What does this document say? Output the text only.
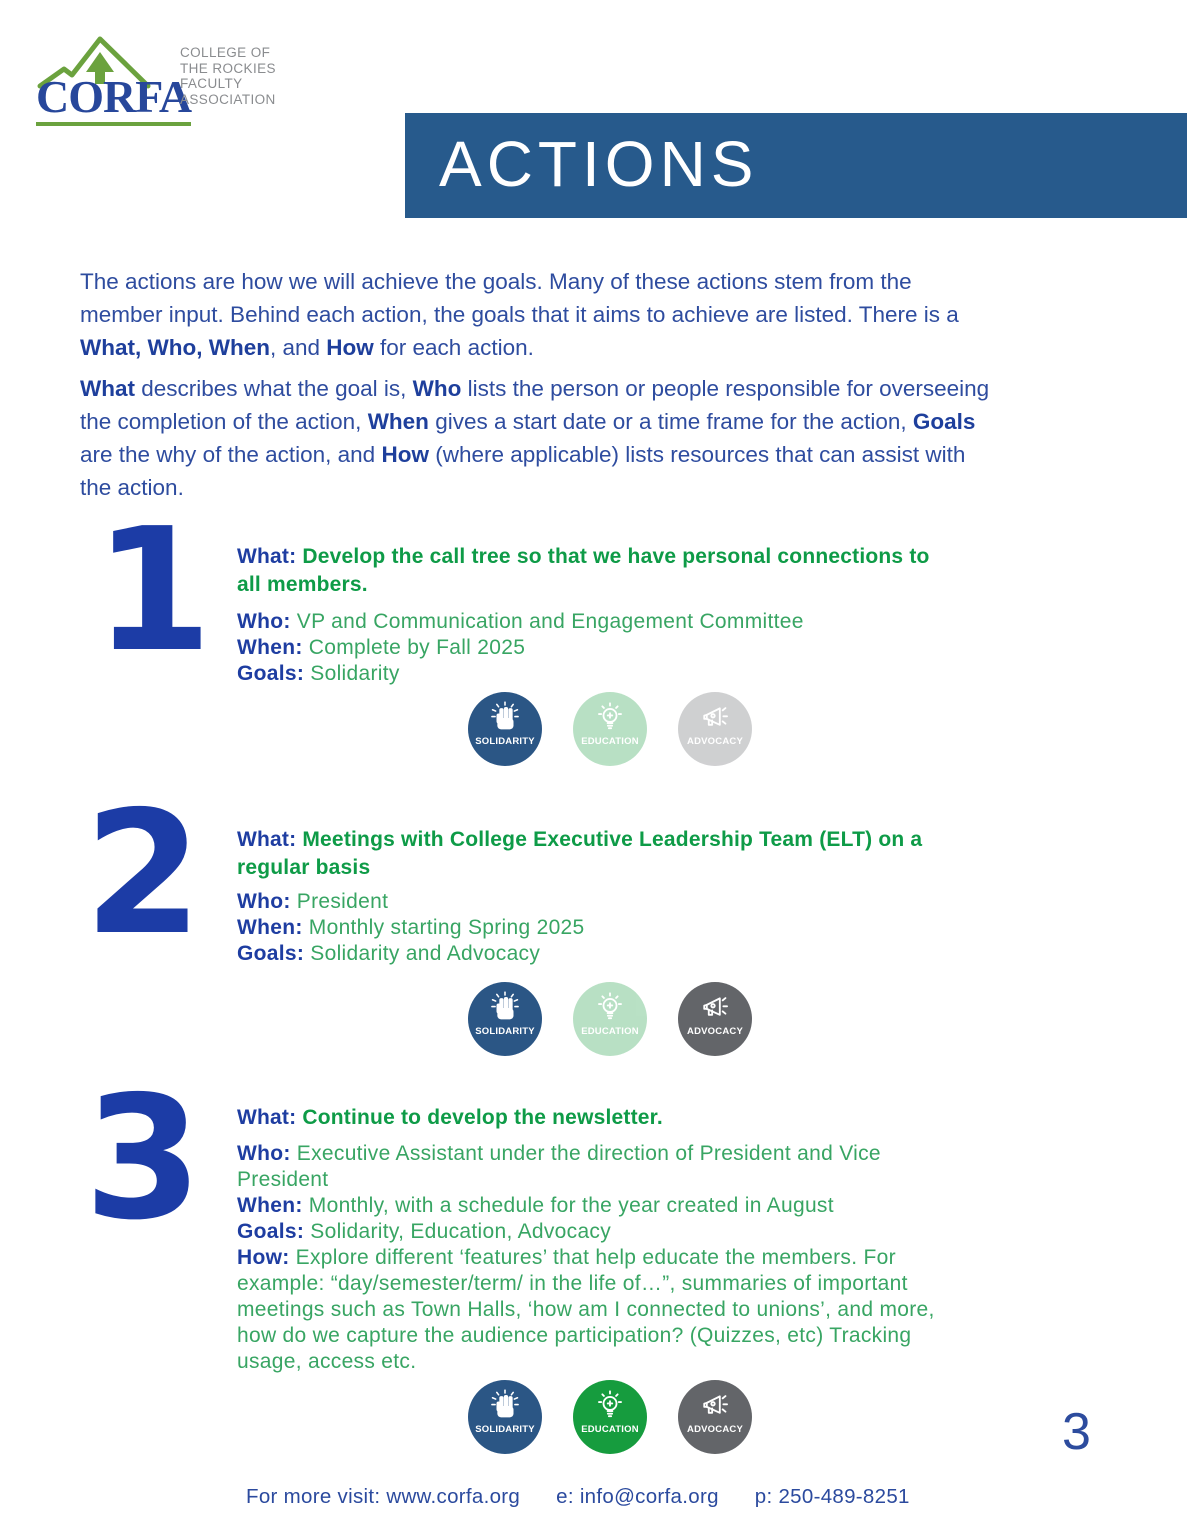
CORFA
COLLEGE OF
THE ROCKIES
FACULTY
ASSOCIATION
ACTIONS
The actions are how we will achieve the goals. Many of these actions stem from the
member input. Behind each action, the goals that it aims to achieve are listed. There is a
What, Who, When, and How for each action.
What describes what the goal is, Who lists the person or people responsible for overseeing
the completion of the action, When gives a start date or a time frame for the action, Goals
are the why of the action, and How (where applicable) lists resources that can assist with
the action.
1 What: Develop the call tree so that we have personal connections to
all members.
Who: VP and Communication and Engagement Committee
When: Complete by Fall 2025
Goals: Solidarity
SOLIDARITY	EDUCATION	ADVOCACY
2 What: Meetings with College Executive Leadership Team (ELT) on a
regular basis
Who: President
When: Monthly starting Spring 2025
Goals: Solidarity and Advocacy
SOLIDARITY	EDUCATION	ADVOCACY
3 What: Continue to develop the newsletter.
Who: Executive Assistant under the direction of President and Vice
President
When: Monthly, with a schedule for the year created in August
Goals: Solidarity, Education, Advocacy
How: Explore different ‘features’ that help educate the members. For
example: “day/semester/term/ in the life of…”, summaries of important
meetings such as Town Halls, ‘how am I connected to unions’, and more,
how do we capture the audience participation? (Quizzes, etc) Tracking
usage, access etc.
SOLIDARITY	EDUCATION	ADVOCACY	3
For more visit: www.corfa.org e: info@corfa.org p: 250-489-8251
